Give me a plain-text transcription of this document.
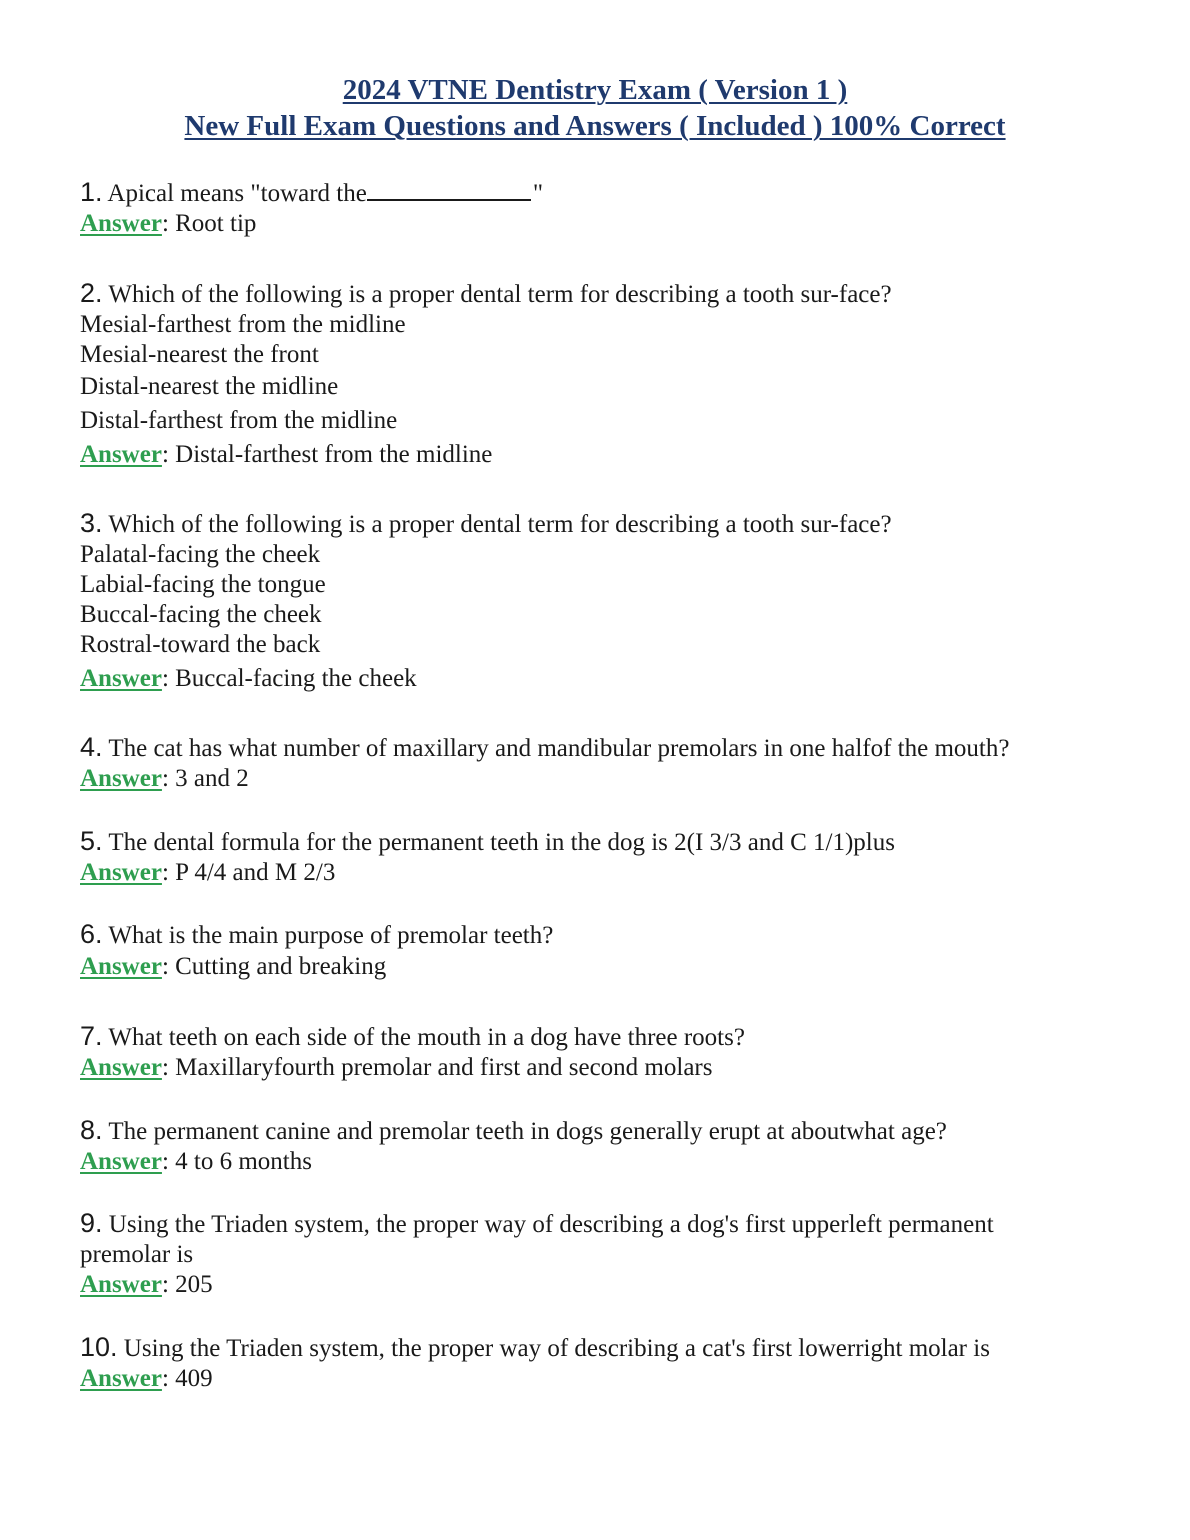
2024 VTNE Dentistry Exam ( Version 1 )
New Full Exam Questions and Answers ( Included ) 100% Correct
1. Apical means "toward the	"
Answer: Root tip
2. Which of the following is a proper dental term for describing a tooth sur-face?
Mesial-farthest from the midline
Mesial-nearest the front
Distal-nearest the midline
Distal-farthest from the midline
Answer: Distal-farthest from the midline
3. Which of the following is a proper dental term for describing a tooth sur-face?
Palatal-facing the cheek
Labial-facing the tongue
Buccal-facing the cheek
Rostral-toward the back
Answer: Buccal-facing the cheek
4. The cat has what number of maxillary and mandibular premolars in one halfof the mouth?
Answer: 3 and 2
5. The dental formula for the permanent teeth in the dog is 2(I 3/3 and C 1/1)plus
Answer: P 4/4 and M 2/3
6. What is the main purpose of premolar teeth?
Answer: Cutting and breaking
7. What teeth on each side of the mouth in a dog have three roots?
Answer: Maxillaryfourth premolar and first and second molars
8. The permanent canine and premolar teeth in dogs generally erupt at aboutwhat age?
Answer: 4 to 6 months
9. Using the Triaden system, the proper way of describing a dog's first upperleft permanent
premolar is
Answer: 205
10. Using the Triaden system, the proper way of describing a cat's first lowerright molar is
Answer: 409
